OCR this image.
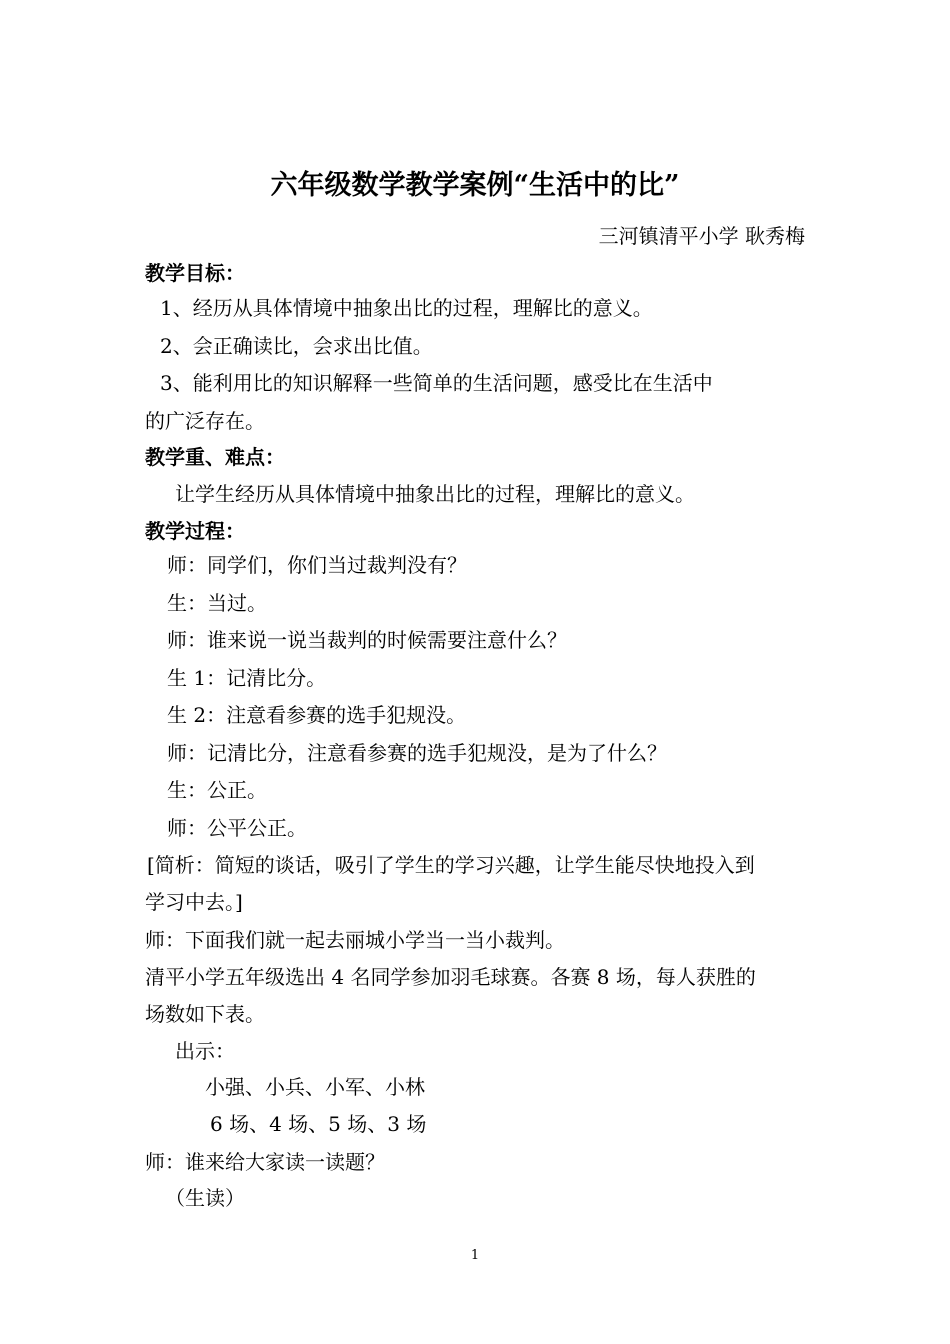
六年级数学教学案例“生活中的比”
三河镇清平小学 耿秀梅
教学目标：
1、经历从具体情境中抽象出比的过程，理解比的意义。
2、会正确读比，会求出比值。
3、能利用比的知识解释一些简单的生活问题，感受比在生活中
的广泛存在。
教学重、难点：
让学生经历从具体情境中抽象出比的过程，理解比的意义。
教学过程：
师：同学们，你们当过裁判没有？
生：当过。
师：谁来说一说当裁判的时候需要注意什么？
生 1：记清比分。
生 2：注意看参赛的选手犯规没。
师：记清比分，注意看参赛的选手犯规没，是为了什么？
生：公正。
师：公平公正。
[简析：简短的谈话，吸引了学生的学习兴趣，让学生能尽快地投入到
学习中去。]
师：下面我们就一起去丽城小学当一当小裁判。
清平小学五年级选出 4 名同学参加羽毛球赛。各赛 8 场，每人获胜的
场数如下表。
出示：
小强、小兵、小军、小林
6 场、4 场、5 场、3 场
师：谁来给大家读一读题？
（生读）
1
